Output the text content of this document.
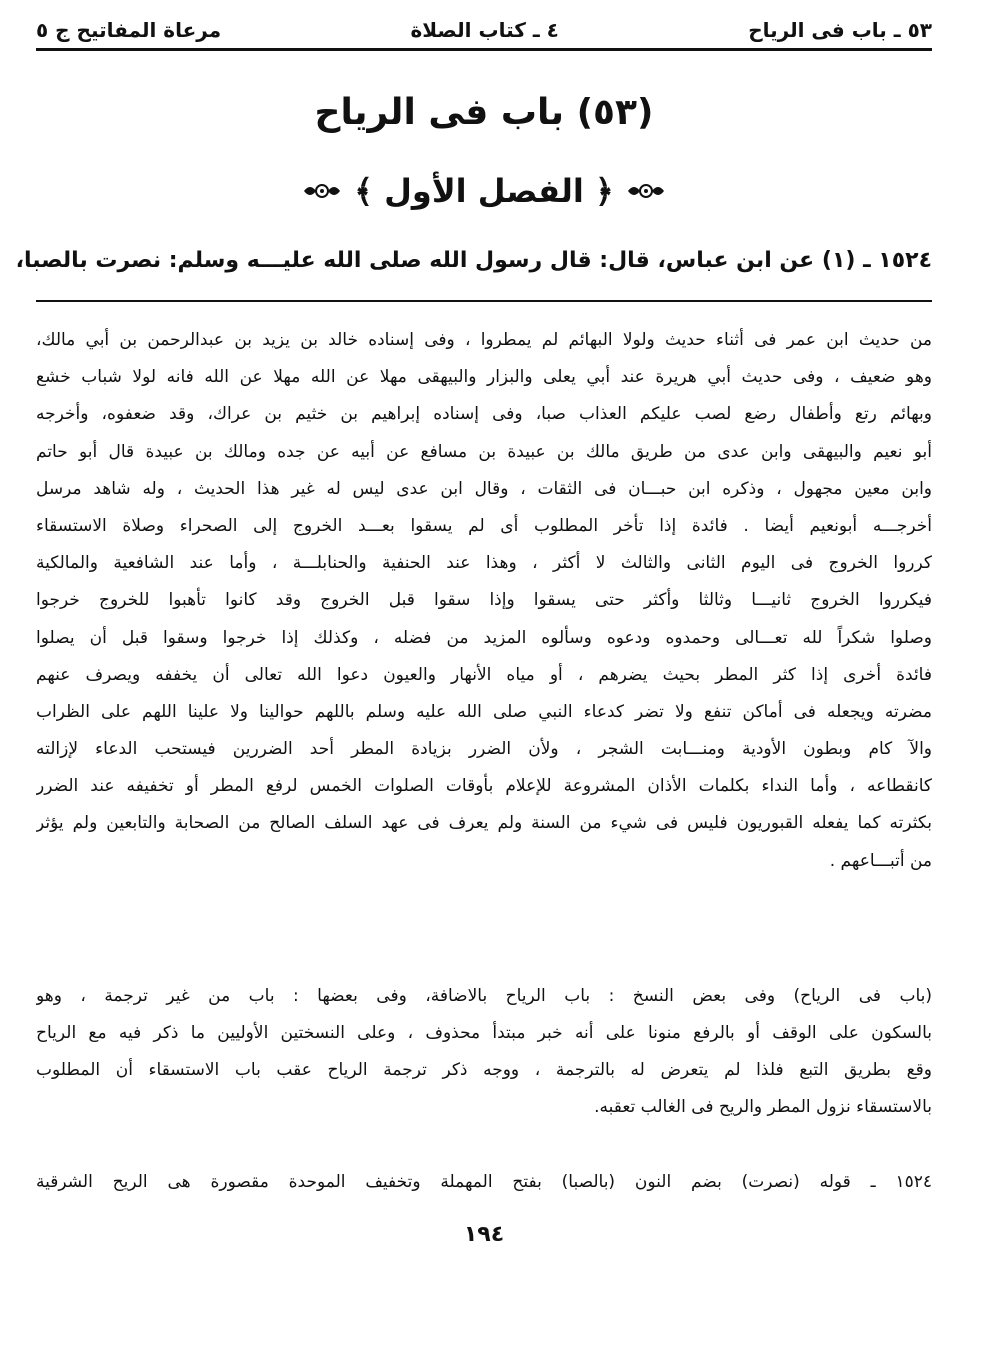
٥٣ ـ باب فى الرياح
٤ ـ كتاب الصلاة
مرعاة المفاتيح ج ٥
(٥٣) باب فى الرياح
﴿ الفصل الأول ﴾
١٥٢٤ ـ (١) عن ابن عباس، قال: قال رسول الله صلى الله عليـــه وسلم: نصرت بالصبا،
من حديث ابن عمر فى أثناء حديث ولولا البهائم لم يمطروا ، وفى إسناده خالد بن يزيد بن عبدالرحمن بن أبي مالك،
وهو ضعيف ، وفى حديث أبي هريرة عند أبي يعلى والبزار والبيهقى مهلا عن الله مهلا عن الله فانه لولا شباب خشع
وبهائم رتع وأطفال رضع لصب عليكم العذاب صبا، وفى إسناده إبراهيم بن خثيم بن عراك، وقد ضعفوه، وأخرجه
أبو نعيم والبيهقى وابن عدى من طريق مالك بن عبيدة بن مسافع عن أبيه عن جده ومالك بن عبيدة قال أبو حاتم
وابن معين مجهول ، وذكره ابن حبـــان فى الثقات ، وقال ابن عدى ليس له غير هذا الحديث ، وله شاهد مرسل
أخرجـــه أبونعيم أيضا . فائدة إذا تأخر المطلوب أى لم يسقوا بعـــد الخروج إلى الصحراء وصلاة الاستسقاء
كرروا الخروج فى اليوم الثانى والثالث لا أكثر ، وهذا عند الحنفية والحنابلـــة ، وأما عند الشافعية والمالكية
فيكرروا الخروج ثانيـــا وثالثا وأكثر حتى يسقوا وإذا سقوا قبل الخروج وقد كانوا تأهبوا للخروج خرجوا
وصلوا شكراً لله تعـــالى وحمدوه ودعوه وسألوه المزيد من فضله ، وكذلك إذا خرجوا وسقوا قبل أن يصلوا
فائدة أخرى إذا كثر المطر بحيث يضرهم ، أو مياه الأنهار والعيون دعوا الله تعالى أن يخففه ويصرف عنهم
مضرته ويجعله فى أماكن تنفع ولا تضر كدعاء النبي صلى الله عليه وسلم باللهم حوالينا ولا علينا اللهم على الظراب
والآ كام وبطون الأودية ومنـــابت الشجر ، ولأن الضرر بزيادة المطر أحد الضررين فيستحب الدعاء لإزالته
كانقطاعه ، وأما النداء بكلمات الأذان المشروعة للإعلام بأوقات الصلوات الخمس لرفع المطر أو تخفيفه عند الضرر
بكثرته كما يفعله القبوريون فليس فى شيء من السنة ولم يعرف فى عهد السلف الصالح من الصحابة والتابعين ولم يؤثر
من أتبـــاعهم .
(باب فى الرياح) وفى بعض النسخ : باب الرياح بالاضافة، وفى بعضها : باب من غير ترجمة ، وهو
بالسكون على الوقف أو بالرفع منونا على أنه خبر مبتدأ محذوف ، وعلى النسختين الأوليين ما ذكر فيه مع الرياح
وقع بطريق التبع فلذا لم يتعرض له بالترجمة ، ووجه ذكر ترجمة الرياح عقب باب الاستسقاء أن المطلوب
بالاستسقاء نزول المطر والريح فى الغالب تعقبه.
١٥٢٤ ـ قوله (نصرت) بضم النون (بالصبا) بفتح المهملة وتخفيف الموحدة مقصورة هى الريح الشرقية
١٩٤
